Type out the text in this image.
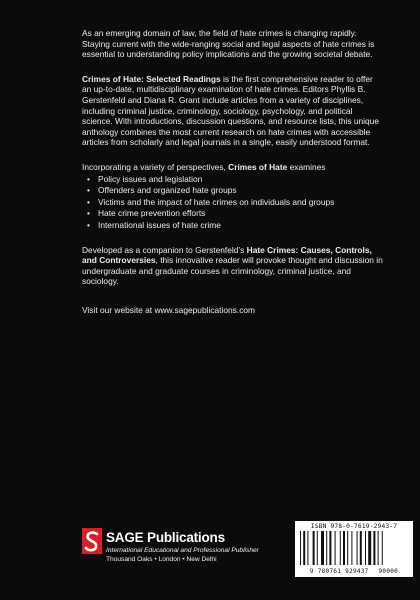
As an emerging domain of law, the field of hate crimes is changing rapidly. Staying current with the wide-ranging social and legal aspects of hate crimes is essential to understanding policy implications and the growing societal debate.

Crimes of Hate: Selected Readings is the first comprehensive reader to offer an up-to-date, multidisciplinary examination of hate crimes. Editors Phyllis B. Gerstenfeld and Diana R. Grant include articles from a variety of disciplines, including criminal justice, criminology, sociology, psychology, and political science. With introductions, discussion questions, and resource lists, this unique anthology combines the most current research on hate crimes with accessible articles from scholarly and legal journals in a single, easily understood format.

Incorporating a variety of perspectives, Crimes of Hate examines

• Policy issues and legislation
• Offenders and organized hate groups
• Victims and the impact of hate crimes on individuals and groups
• Hate crime prevention efforts
• International issues of hate crime

Developed as a companion to Gerstenfeld’s Hate Crimes: Causes, Controls, and Controversies, this innovative reader will provoke thought and discussion in undergraduate and graduate courses in criminology, criminal justice, and sociology.

Visit our website at www.sagepublications.com

SAGE Publications
International Educational and Professional Publisher
Thousand Oaks • London • New Delhi
ISBN 978-0-7619-2943-7
9 780761 929437 90000
